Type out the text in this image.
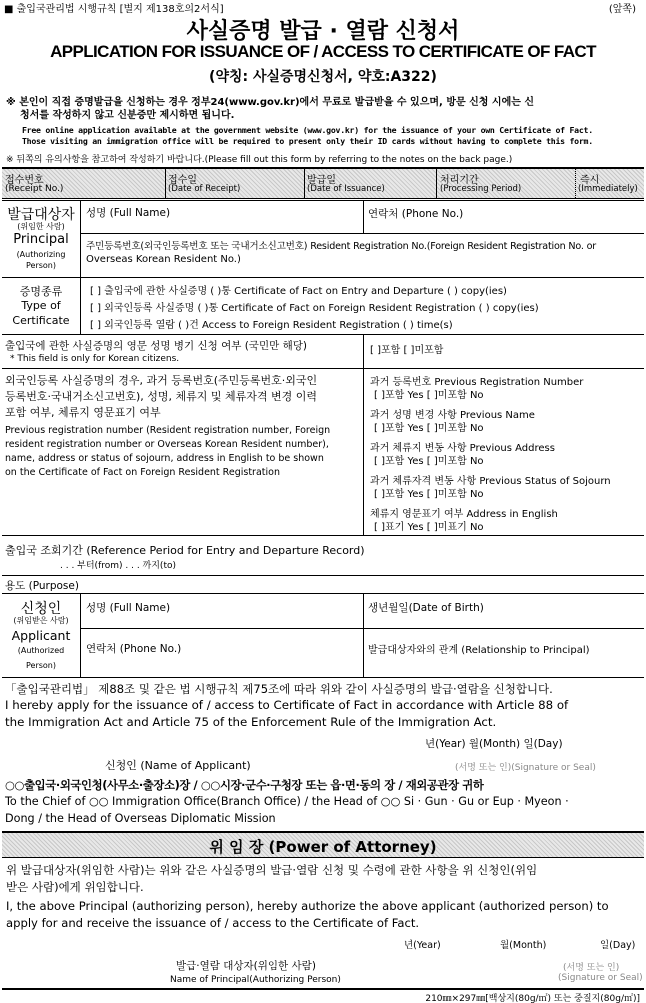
■ 출입국관리법 시행규칙 [별지 제138호의2서식]	(앞쪽)
사실증명 발급 · 열람 신청서
APPLICATION FOR ISSUANCE OF / ACCESS TO CERTIFICATE OF FACT
(약칭: 사실증명신청서, 약호:A322)
※ 본인이 직접 증명발급을 신청하는 경우 정부24(www.gov.kr)에서 무료로 발급받을 수 있으며, 방문 신청 시에는 신
청서를 작성하지 않고 신분증만 제시하면 됩니다.
Free online application available at the government website (www.gov.kr) for the issuance of your own Certificate of Fact.
Those visiting an immigration office will be required to present only their ID cards without having to complete this form.
※ 뒤쪽의 유의사항을 참고하여 작성하기 바랍니다.(Please fill out this form by referring to the notes on the back page.)
접수번호
(Receipt No.)
접수일
(Date of Receipt)
발급일
(Date of Issuance)
처리기간
(Processing Period)
즉시
(Immediately)
발급대상자
(위임한 사람)
Principal
(Authorizing
Person)
성명 (Full Name)	연락처 (Phone No.)
주민등록번호(외국인등록번호 또는 국내거소신고번호) Resident Registration No.(Foreign Resident Registration No. or
Overseas Korean Resident No.)
증명종류
Type of
Certificate
[ ] 출입국에 관한 사실증명 ( )통 Certificate of Fact on Entry and Departure ( ) copy(ies)
[ ] 외국인등록 사실증명 ( )통 Certificate of Fact on Foreign Resident Registration ( ) copy(ies)
[ ] 외국인등록 열람 ( )건 Access to Foreign Resident Registration ( ) time(s)
출입국에 관한 사실증명의 영문 성명 병기 신청 여부 (국민만 해당)
* This field is only for Korean citizens.
[ ]포함 [ ]미포함
외국인등록 사실증명의 경우, 과거 등록번호(주민등록번호·외국인
등록번호·국내거소신고번호), 성명, 체류지 및 체류자격 변경 이력
포함 여부, 체류지 영문표기 여부
Previous registration number (Resident registration number, Foreign
resident registration number or Overseas Korean Resident number),
name, address or status of sojourn, address in English to be shown
on the Certificate of Fact on Foreign Resident Registration
과거 등록번호 Previous Registration Number
[ ]포함 Yes [ ]미포함 No
과거 성명 변경 사항 Previous Name
[ ]포함 Yes [ ]미포함 No
과거 체류지 변동 사항 Previous Address
[ ]포함 Yes [ ]미포함 No
과거 체류자격 변동 사항 Previous Status of Sojourn
[ ]포함 Yes [ ]미포함 No
체류지 영문표기 여부 Address in English
[ ]표기 Yes [ ]미표기 No
출입국 조회기간 (Reference Period for Entry and Departure Record)
. . . 부터(from) . . . 까지(to)
용도 (Purpose)
신청인
(위임받은 사람)
Applicant
(Authorized
Person)
성명 (Full Name)	생년월일(Date of Birth)
연락처 (Phone No.)	발급대상자와의 관계 (Relationship to Principal)
「출입국관리법」 제88조 및 같은 법 시행규칙 제75조에 따라 위와 같이 사실증명의 발급·열람을 신청합니다.
I hereby apply for the issuance of / access to Certificate of Fact in accordance with Article 88 of
the Immigration Act and Article 75 of the Enforcement Rule of the Immigration Act.
년(Year) 월(Month) 일(Day)
신청인 (Name of Applicant)	(서명 또는 인)(Signature or Seal)
○○출입국·외국인청(사무소·출장소)장 / ○○시장·군수·구청장 또는 읍·면·동의 장 / 재외공관장 귀하
To the Chief of ○○ Immigration Office(Branch Office) / the Head of ○○ Si · Gun · Gu or Eup · Myeon ·
Dong / the Head of Overseas Diplomatic Mission
위 임 장 (Power of Attorney)
위 발급대상자(위임한 사람)는 위와 같은 사실증명의 발급·열람 신청 및 수령에 관한 사항을 위 신청인(위임
받은 사람)에게 위임합니다.
I, the above Principal (authorizing person), hereby authorize the above applicant (authorized person) to
apply for and receive the issuance of / access to the Certificate of Fact.
년(Year)	월(Month)	일(Day)
발급·열람 대상자(위임한 사람)
Name of Principal(Authorizing Person)
(서명 또는 인)
(Signature or Seal)
210㎜×297㎜[백상지(80g/㎡) 또는 중질지(80g/㎡)]
